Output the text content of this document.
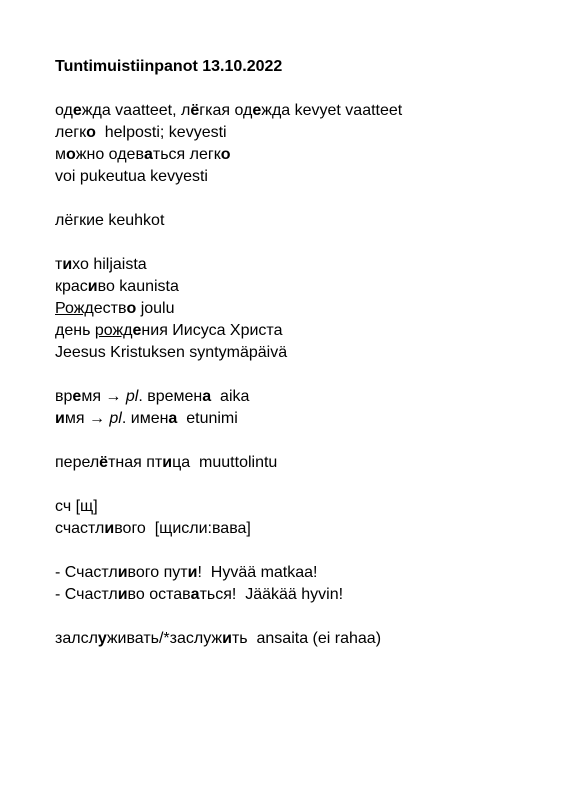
Tuntimuistiinpanot 13.10.2022
одежда vaatteet, лёгкая одежда kevyet vaatteet
легко  helposti; kevyesti
можно одеваться легко
voi pukeutua kevyesti
лёгкие keuhkot
тихо hiljaista
красиво kaunista
Рождество joulu
день рождения Иисуса Христа
Jeesus Kristuksen syntymäpäivä
время → pl. времена  aika
имя → pl. имена  etunimi
перелётная птица  muuttolintu
сч [щ]
счастливого  [щисли:вава]
- Счастливого пути!  Hyvää matkaa!
- Счастливо оставаться!  Jääkää hyvin!
залслуживать/*заслужить  ansaita (ei rahaa)
